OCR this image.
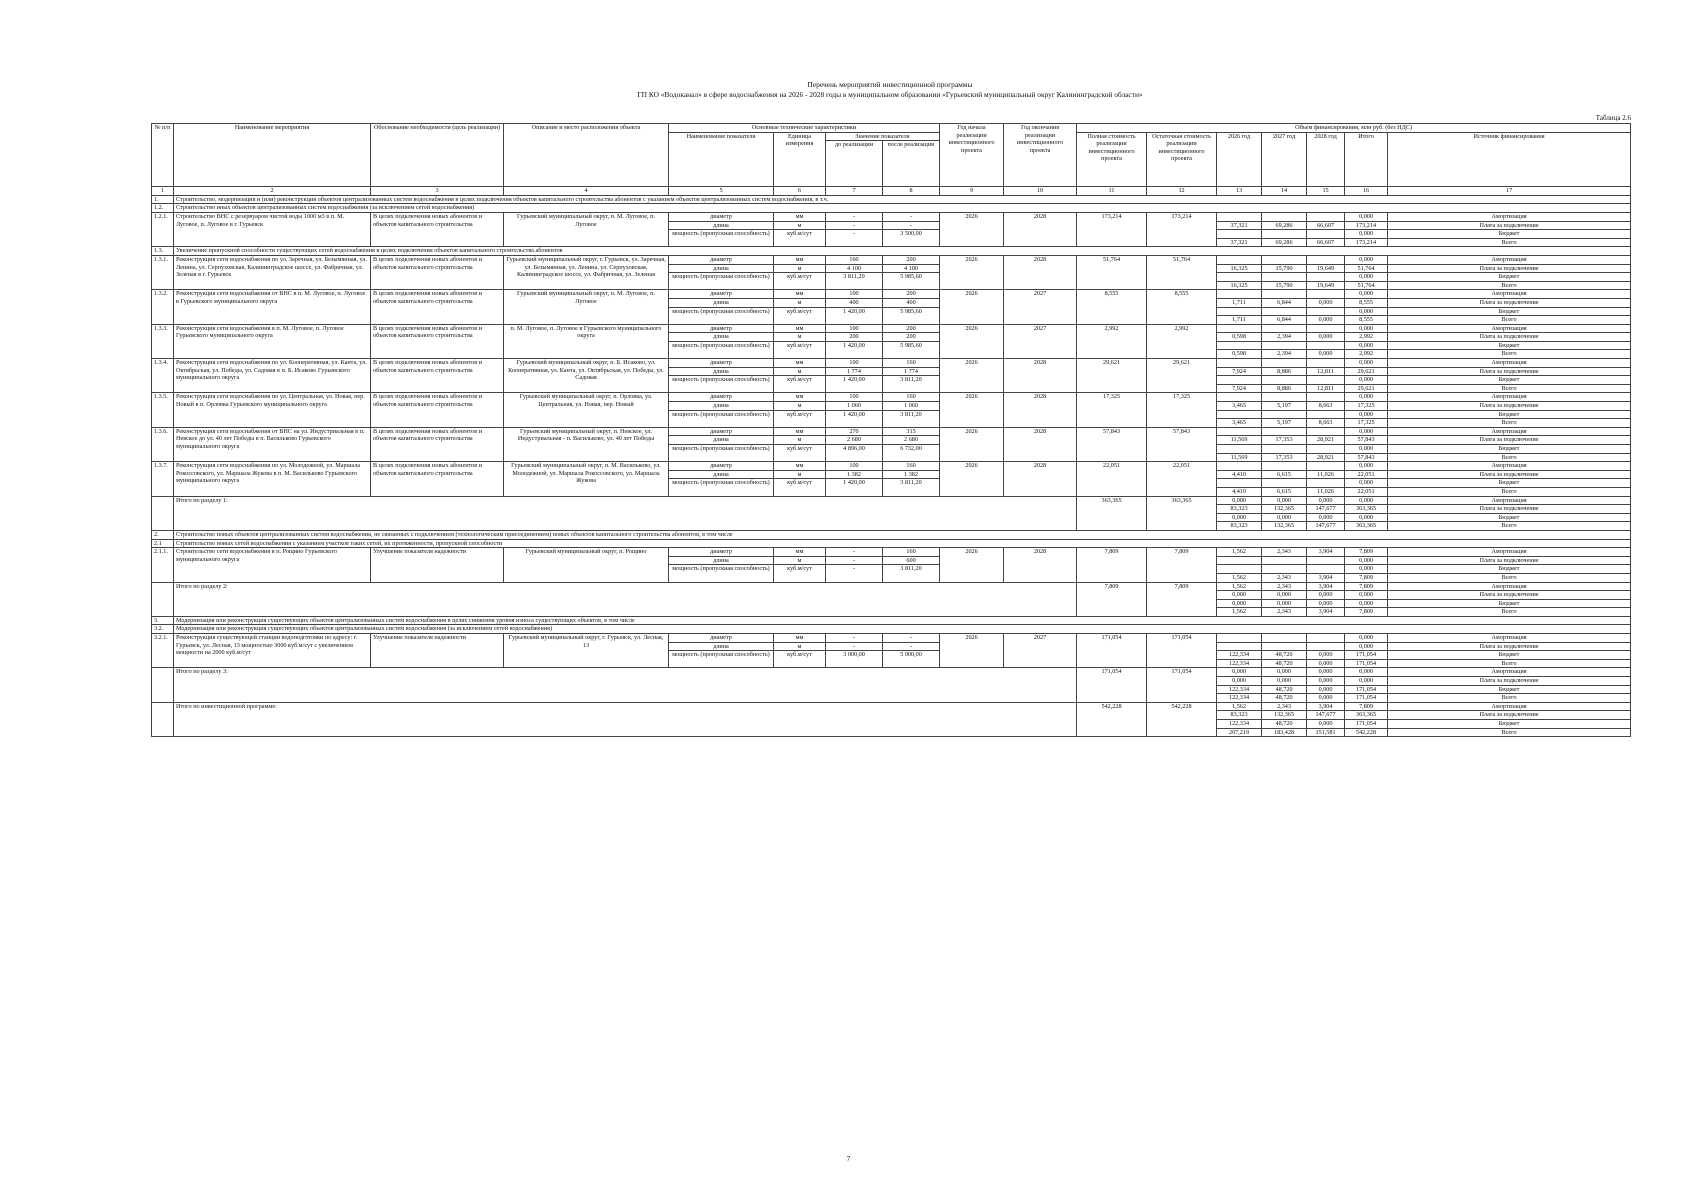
Перечень мероприятий инвестиционной программы
ГП КО «Водоканал» в сфере водоснабжения на 2026 - 2028 годы в муниципальном образовании «Гурьевский муниципальный округ Калининградской области»
Таблица 2.6
№ п/п	Наименование мероприятия	Обоснование необходимости (цель реализации)	Описание и место расположения объекта	Основные технические характеристики				Год начала реализации инвестиционного проекта	Год окончания реализации инвестиционного проекта	Объем финансирования, млн руб. (без НДС)						
				Наименование показателя	Единица измерения	Значение показателя				Полная стоимость реализации инвестиционного проекта	Остаточная стоимость реализации инвестиционного проекта	2026 год	2027 год	2028 год	Итого	Источник финансирования
						до реализации	после реализации									
1	2	3	4	5	6	7	8	9	10	11	12	13	14	15	16	17
1.	Строительство, модернизация и (или) реконструкция объектов централизованных систем водоснабжения в целях подключения объектов капитального строительства абонентов с указанием объектов централизованных систем водоснабжения, в т.ч.															
1.2.	Строительство иных объектов централизованных систем водоснабжения (за исключением сетей водоснабжения)															
1.2.1.	Строительство ВНС с резервуаром чистой воды 1000 м3 в п. М. Луговое, п. Луговое в г. Гурьевск	В целях подключения новых абонентов и объектов капитального строительства	Гурьевский муниципальный округ, п. М. Луговое, п. Луговое	диаметр	мм	-	-	2026	2028	173,214	173,214				0,000	Амортизация
				длина	м	-	-					37,321	69,286	66,607	173,214	Плата за подключение
				мощность (пропускная способность)	куб.м/сут	-	3 500,00								0,000	Бюджет
												37,321	69,286	66,607	173,214	Всего
1.3.	Увеличение пропускной способности существующих сетей водоснабжения в целях подключения объектов капитального строительства абонентов															
1.3.1.	Реконструкция сети водоснабжения по ул. Заречная, ул. Безымянная, ул. Ленина, ул. Серпуховская, Калининградское шоссе, ул. Фабричная, ул. Зеленая в г. Гурьевск	В целях подключения новых абонентов и объектов капитального строительства	Гурьевский муниципальный округ, г. Гурьевск, ул. Заречная, ул. Безымянная, ул. Ленина, ул. Серпуховская, Калининградское шоссе, ул. Фабричная, ул. Зеленая	диаметр	мм	160	200	2026	2028	51,764	51,764				0,000	Амортизация
				длина	м	4 100	4 100					16,325	15,790	19,649	51,764	Плата за подключение
				мощность (пропускная способность)	куб.м/сут	3 811,20	5 985,60								0,000	Бюджет
												16,325	15,790	19,649	51,764	Всего
1.3.2.	Реконструкция сети водоснабжения от ВНС в п. М. Луговое, п. Луговое в Гурьевского муниципального округа	В целях подключения новых абонентов и объектов капитального строительства	Гурьевский муниципальный округ, п. М. Луговое, п. Луговое	диаметр	мм	100	200	2026	2027	8,555	8,555				0,000	Амортизация
				длина	м	400	400					1,711	6,844	0,000	8,555	Плата за подключение
				мощность (пропускная способность)	куб.м/сут	1 420,00	5 985,60								0,000	Бюджет
												1,711	6,844	0,000	8,555	Всего
1.3.3.	Реконструкция сети водоснабжения в п. М. Луговое, п. Луговое Гурьевского муниципального округа	В целях подключения новых абонентов и объектов капитального строительства	п. М. Луговое, п. Луговое в Гурьевского муниципального округа	диаметр	мм	100	200	2026	2027	2,992	2,992				0,000	Амортизация
				длина	м	200	200					0,598	2,394	0,000	2,992	Плата за подключение
				мощность (пропускная способность)	куб.м/сут	1 420,00	5 985,60								0,000	Бюджет
												0,598	2,394	0,000	2,992	Всего
1.3.4.	Реконструкция сети водоснабжения по ул. Кооперативная, ул. Канта, ул. Октябрьская, ул. Победы, ул. Садовая в п. Б. Исаково Гурьевского муниципального округа	В целях подключения новых абонентов и объектов капитального строительства	Гурьевский муниципальный округ, п. Б. Исаково, ул. Кооперативная, ул. Канта, ул. Октябрьская, ул. Победы, ул. Садовая	диаметр	мм	100	160	2026	2028	29,621	29,621				0,000	Амортизация
				длина	м	1 774	1 774					7,924	8,886	12,811	29,621	Плата за подключение
				мощность (пропускная способность)	куб.м/сут	1 420,00	3 811,20								0,000	Бюджет
												7,924	8,886	12,811	29,621	Всего
1.3.5.	Реконструкция сети водоснабжения по ул. Центральная, ул. Новая, пер. Новый в п. Орловка Гурьевского муниципального округа	В целях подключения новых абонентов и объектов капитального строительства	Гурьевский муниципальный округ, п. Орловка, ул. Центральная, ул. Новая, пер. Новый	диаметр	мм	100	160	2026	2028	17,325	17,325				0,000	Амортизация
				длина	м	1 060	1 060					3,465	5,197	8,663	17,325	Плата за подключение
				мощность (пропускная способность)	куб.м/сут	1 420,00	3 811,20								0,000	Бюджет
												3,465	5,197	8,663	17,325	Всего
1.3.6.	Реконструкция сети водоснабжения от ВНС на ул. Индустриальная в п. Невское до ул. 40 лет Победы в п. Васильково Гурьевского муниципального округа	В целях подключения новых абонентов и объектов капитального строительства	Гурьевский муниципальный округ, п. Невское, ул. Индустриальная - п. Васильково, ул. 40 лет Победы	диаметр	мм	270	315	2026	2028	57,843	57,843				0,000	Амортизация
				длина	м	2 680	2 680					11,569	17,353	28,921	57,843	Плата за подключение
				мощность (пропускная способность)	куб.м/сут	4 896,00	6 732,00								0,000	Бюджет
												11,569	17,353	28,921	57,843	Всего
1.3.7.	Реконструкция сети водоснабжения по ул. Молодежной, ул. Маршала Рокоссовского, ул. Маршала Жукова в п. М. Васильково Гурьевского муниципального округа	В целях подключения новых абонентов и объектов капитального строительства	Гурьевский муниципальный округ, п. М. Васильково, ул. Молодежной, ул. Маршала Рокоссовского, ул. Маршала Жукова	диаметр	мм	100	160	2026	2028	22,051	22,051				0,000	Амортизация
				длина	м	1 382	1 382					4,410	6,615	11,026	22,051	Плата за подключение
				мощность (пропускная способность)	куб.м/сут	1 420,00	3 811,20								0,000	Бюджет
												4,410	6,615	11,026	22,051	Всего
	Итого по разделу 1:									363,365	363,365	0,000	0,000	0,000	0,000	Амортизация
												83,323	132,365	147,677	363,365	Плата за подключение
												0,000	0,000	0,000	0,000	Бюджет
												83,323	132,365	147,677	363,365	Всего
2.	Строительство новых объектов централизованных систем водоснабжения, не связанных с подключением (технологическим присоединением) новых объектов капитального строительства абонентов, в том числе															
2.1	Строительство новых сетей водоснабжения с указанием участков таких сетей, их протяженности, пропускной способности															
2.1.1.	Строительство сети водоснабжения в п. Рощино Гурьевского муниципального округа	Улучшение показателя надежности	Гурьевский муниципальный округ, п. Рощино	диаметр	мм	-	160	2026	2028	7,809	7,809	1,562	2,343	3,904	7,809	Амортизация
				длина	м	-	600								0,000	Плата за подключение
				мощность (пропускная способность)	куб.м/сут	-	3 811,20								0,000	Бюджет
												1,562	2,343	3,904	7,809	Всего
	Итого по разделу 2:									7,809	7,809	1,562	2,343	3,904	7,809	Амортизация
												0,000	0,000	0,000	0,000	Плата за подключение
												0,000	0,000	0,000	0,000	Бюджет
												1,562	2,343	3,904	7,809	Всего
3.	Модернизация или реконструкция существующих объектов централизованных систем водоснабжения в целях снижения уровня износа существующих объектов, в том числе															
3.2.	Модернизация или реконструкция существующих объектов централизованных систем водоснабжения (за исключением сетей водоснабжения)															
3.2.1.	Реконструкция существующей станции водоподготовки по адресу: г. Гурьевск, ул. Лесная, 13 мощностью 3000 куб.м/сут с увеличением мощности на 2000 куб.м/сут	Улучшение показателя надежности	Гурьевский муниципальный округ, г. Гурьевск, ул. Лесная, 13	диаметр	мм	-	-	2026	2027	171,054	171,054				0,000	Амортизация
				длина	м	-	-								0,000	Плата за подключение
				мощность (пропускная способность)	куб.м/сут	3 000,00	5 000,00					122,334	48,720	0,000	171,054	Бюджет
												122,334	48,720	0,000	171,054	Всего
	Итого по разделу 3:									171,054	171,054	0,000	0,000	0,000	0,000	Амортизация
												0,000	0,000	0,000	0,000	Плата за подключение
												122,334	48,720	0,000	171,054	Бюджет
												122,334	48,720	0,000	171,054	Всего
	Итого по инвестиционной программе:									542,228	542,228	1,562	2,343	3,904	7,809	Амортизация
												83,323	132,365	147,677	363,365	Плата за подключение
												122,334	48,720	0,000	171,054	Бюджет
												207,219	183,428	151,581	542,228	Всего
7
